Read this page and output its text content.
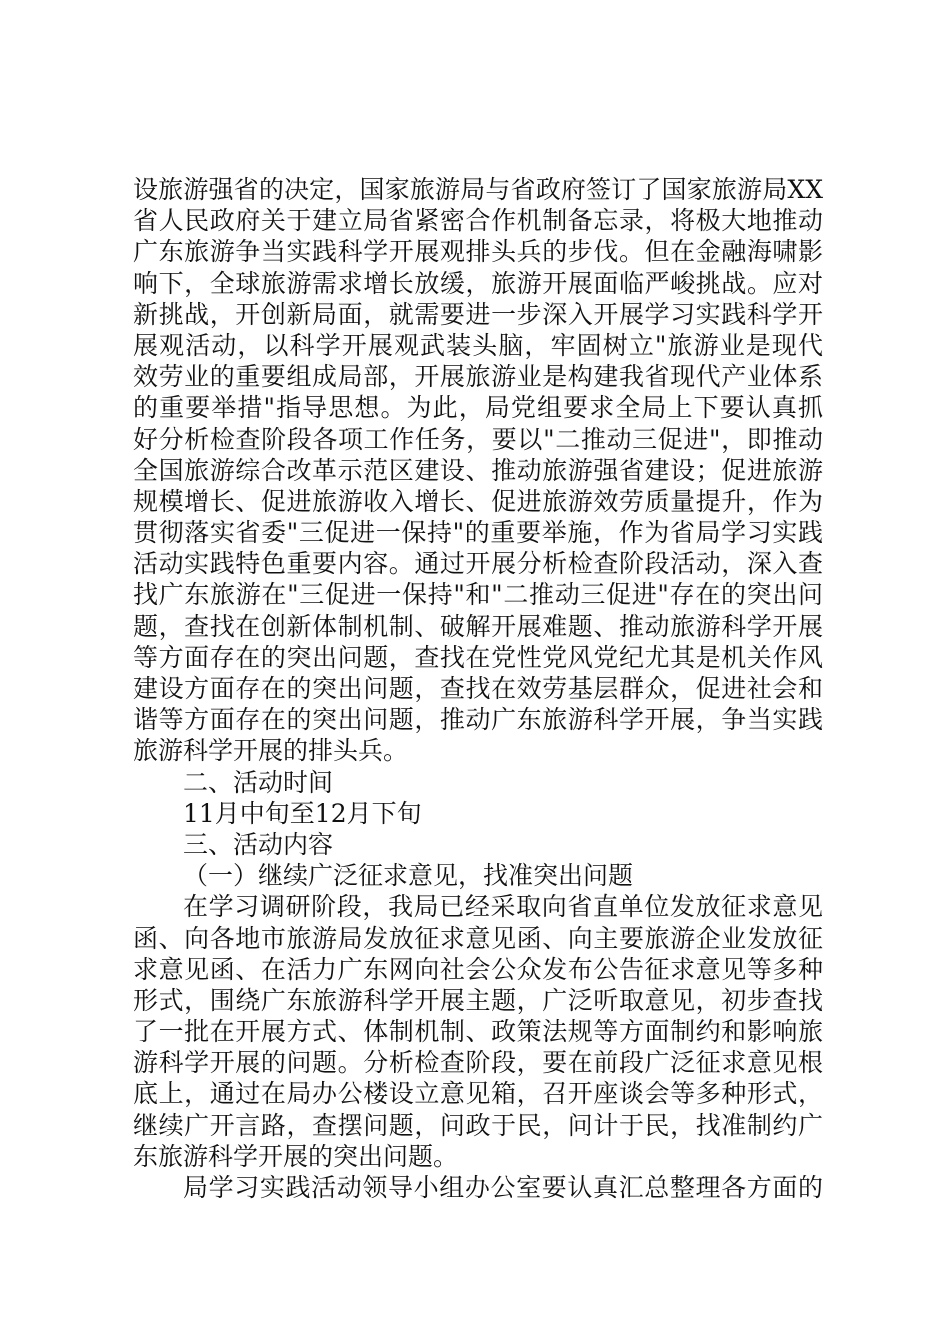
设旅游强省的决定，国家旅游局与省政府签订了国家旅游局XX
省人民政府关于建立局省紧密合作机制备忘录，将极大地推动
广东旅游争当实践科学开展观排头兵的步伐。但在金融海啸影
响下，全球旅游需求增长放缓，旅游开展面临严峻挑战。应对
新挑战，开创新局面，就需要进一步深入开展学习实践科学开
展观活动，以科学开展观武装头脑，牢固树立"旅游业是现代
效劳业的重要组成局部，开展旅游业是构建我省现代产业体系
的重要举措"指导思想。为此，局党组要求全局上下要认真抓
好分析检查阶段各项工作任务，要以"二推动三促进"，即推动
全国旅游综合改革示范区建设、推动旅游强省建设；促进旅游
规模增长、促进旅游收入增长、促进旅游效劳质量提升，作为
贯彻落实省委"三促进一保持"的重要举施，作为省局学习实践
活动实践特色重要内容。通过开展分析检查阶段活动，深入查
找广东旅游在"三促进一保持"和"二推动三促进"存在的突出问
题，查找在创新体制机制、破解开展难题、推动旅游科学开展
等方面存在的突出问题，查找在党性党风党纪尤其是机关作风
建设方面存在的突出问题，查找在效劳基层群众，促进社会和
谐等方面存在的突出问题，推动广东旅游科学开展，争当实践
旅游科学开展的排头兵。
二、活动时间
11月中旬至12月下旬
三、活动内容
（一）继续广泛征求意见，找准突出问题
在学习调研阶段，我局已经采取向省直单位发放征求意见
函、向各地市旅游局发放征求意见函、向主要旅游企业发放征
求意见函、在活力广东网向社会公众发布公告征求意见等多种
形式，围绕广东旅游科学开展主题，广泛听取意见，初步查找
了一批在开展方式、体制机制、政策法规等方面制约和影响旅
游科学开展的问题。分析检查阶段，要在前段广泛征求意见根
底上，通过在局办公楼设立意见箱，召开座谈会等多种形式，
继续广开言路，查摆问题，问政于民，问计于民，找准制约广
东旅游科学开展的突出问题。
局学习实践活动领导小组办公室要认真汇总整理各方面的
